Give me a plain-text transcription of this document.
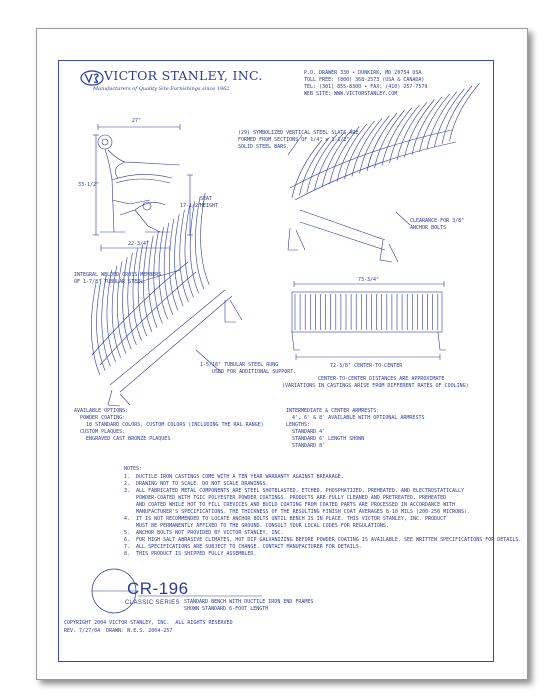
VICTOR STANLEY, INC.
Manufacturers of Quality Site Furnishings since 1962
P.O. DRAWER 330 • DUNKIRK, MD 20754 USA
TOLL FREE: (800) 368-2573 (USA & CANADA)
TEL: (301) 855-8300 • FAX: (410) 257-7579
WEB SITE: WWW.VICTORSTANLEY.COM
27"
33-1/2"
17-1/2"
SEAT
HEIGHT
22-3/4"
73-3/4"
72-3/8" CENTER-TO-CENTER
(29) SYMBOLIZED VERTICAL STEEL SLATS ARE
FORMED FROM SECTIONS OF 1/4" x 1-1/2"
SOLID STEEL BARS.
CLEARANCE FOR 3/8"
ANCHOR BOLTS
INTEGRAL WELDED CROSS-MEMBERS
OF 1-7/8" TUBULAR STEEL.
1-5/16" TUBULAR STEEL RUNG
USED FOR ADDITIONAL SUPPORT.
CENTER-TO-CENTER DISTANCES ARE APPROXIMATE
(VARIATIONS IN CASTINGS ARISE FROM DIFFERENT RATES OF COOLING)
AVAILABLE OPTIONS:
POWDER COATING:
18 STANDARD COLORS, CUSTOM COLORS (INCLUDING THE RAL RANGE)
CUSTOM PLAQUES:
ENGRAVED CAST BRONZE PLAQUES
INTERMEDIATE & CENTER ARMRESTS:
4', 6' & 8' AVAILABLE WITH OPTIONAL ARMRESTS
LENGTHS:
STANDARD 4'
STANDARD 6' LENGTH SHOWN
STANDARD 8'
NOTES:
1.  DUCTILE IRON CASTINGS COME WITH A TEN YEAR WARRANTY AGAINST BREAKAGE.
2.  DRAWING NOT TO SCALE. DO NOT SCALE DRAWINGS.
3.  ALL FABRICATED METAL COMPONENTS ARE STEEL SHOTBLASTED, ETCHED, PHOSPHATIZED, PREHEATED, AND ELECTROSTATICALLY
POWDER-COATED WITH TGIC POLYESTER POWDER COATINGS. PRODUCTS ARE FULLY CLEANED AND PRETREATED, PREHEATED
AND COATED WHILE HOT TO FILL CREVICES AND BUILD COATING FROM COATED PARTS ARE PROCESSED IN ACCORDANCE WITH
MANUFACTURER'S SPECIFICATIONS. THE THICKNESS OF THE RESULTING FINISH COAT AVERAGES 8-10 MILS (200-250 MICRONS).
4.  IT IS NOT RECOMMENDED TO LOCATE ANCHOR BOLTS UNTIL BENCH IS IN PLACE. THIS VICTOR STANLEY, INC. PRODUCT
MUST BE PERMANENTLY AFFIXED TO THE GROUND. CONSULT YOUR LOCAL CODES FOR REGULATIONS.
5.  ANCHOR BOLTS NOT PROVIDED BY VICTOR STANLEY, INC.
6.  FOR HIGH SALT ABRASIVE CLIMATES, HOT DIP GALVANIZING BEFORE POWDER COATING IS AVAILABLE. SEE WRITTEN SPECIFICATIONS FOR DETAILS.
7.  ALL SPECIFICATIONS ARE SUBJECT TO CHANGE. CONTACT MANUFACTURER FOR DETAILS.
8.  THIS PRODUCT IS SHIPPED FULLY ASSEMBLED.
CR-196
CLASSIC SERIES STANDARD BENCH WITH DUCTILE IRON END FRAMES
SHOWN STANDARD 6-FOOT LENGTH
COPYRIGHT 2004 VICTOR STANLEY, INC.  ALL RIGHTS RESERVED
REV. 7/27/04  DRAWN: N.E.S. 2004-257
